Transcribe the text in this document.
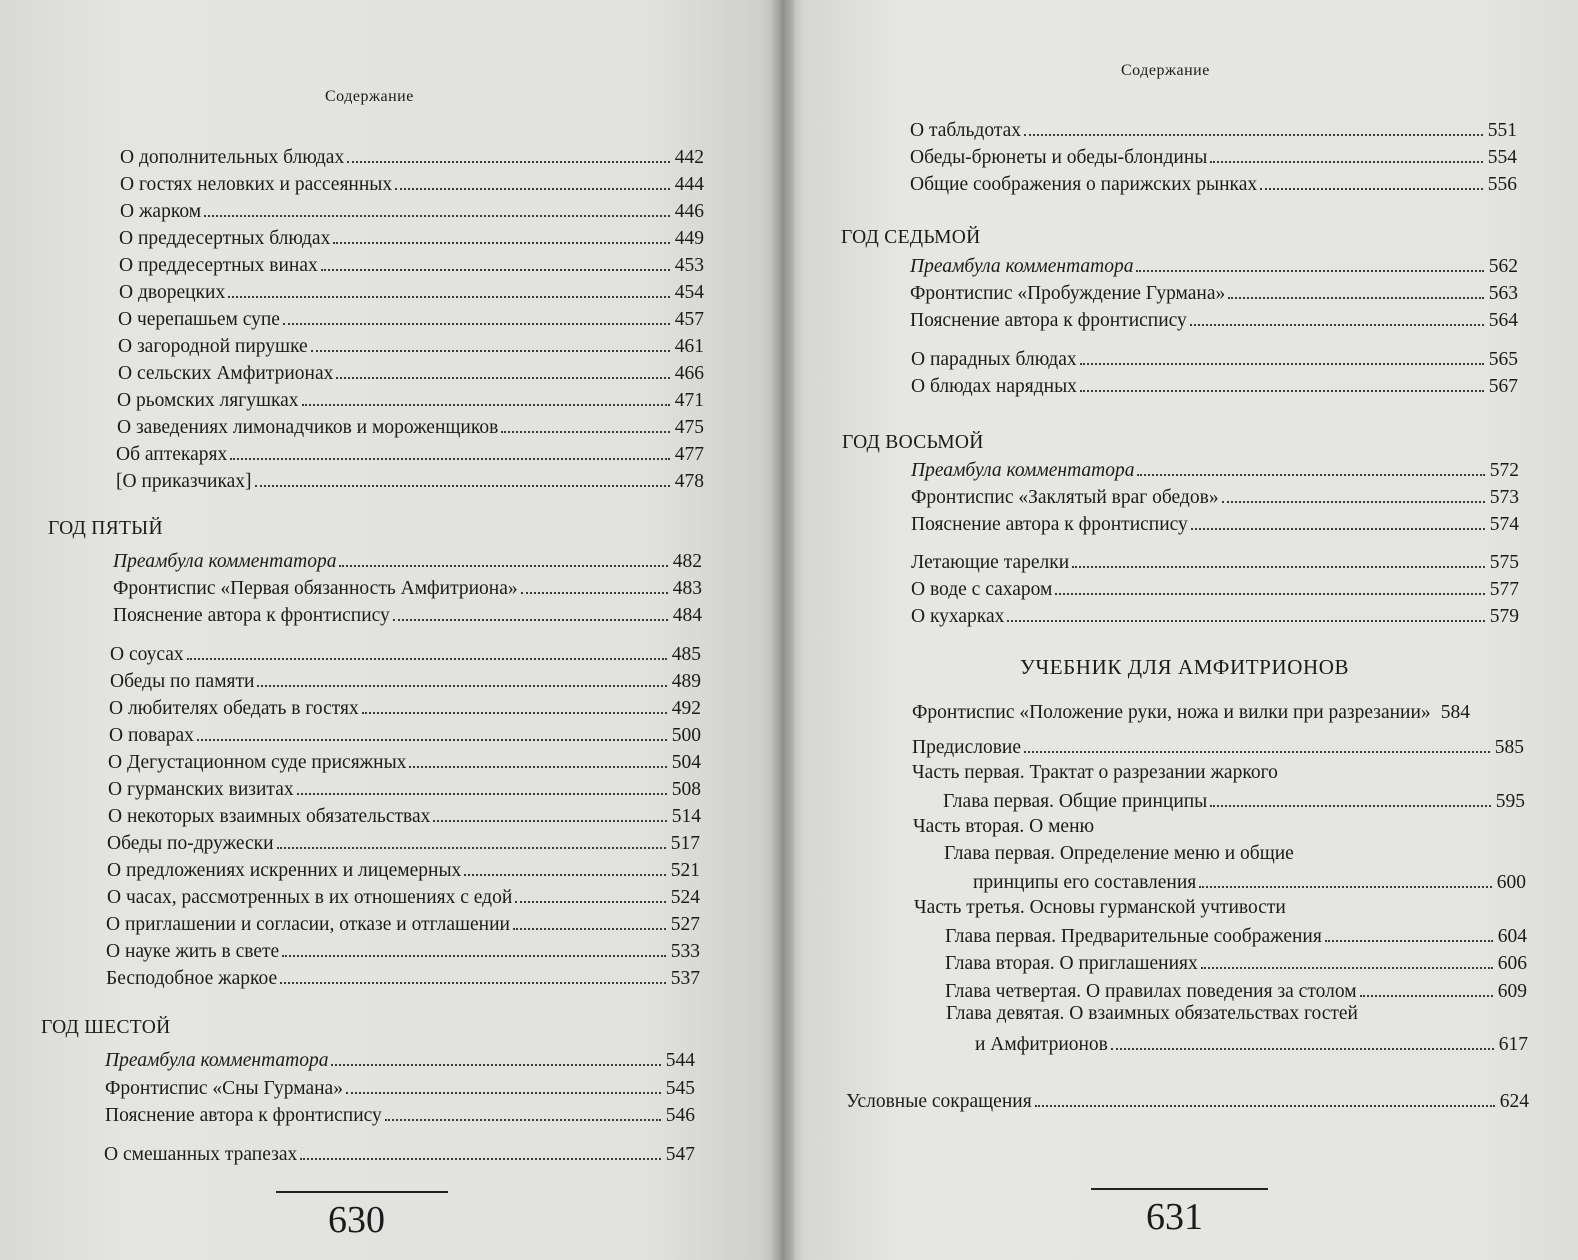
Содержание
О дополнительных блюдах	442
О гостях неловких и рассеянных	444
О жарком	446
О преддесертных блюдах	449
О преддесертных винах	453
О дворецких	454
О черепашьем супе	457
О загородной пирушке	461
О сельских Амфитрионах	466
О рьомских лягушках	471
О заведениях лимонадчиков и мороженщиков	475
Об аптекарях	477
[О приказчиках]	478
ГОД ПЯТЫЙ
Преамбула комментатора	482
Фронтиспис «Первая обязанность Амфитриона»	483
Пояснение автора к фронтиспису	484
О соусах	485
Обеды по памяти	489
О любителях обедать в гостях	492
О поварах	500
О Дегустационном суде присяжных	504
О гурманских визитах	508
О некоторых взаимных обязательствах	514
Обеды по-дружески	517
О предложениях искренних и лицемерных	521
О часах, рассмотренных в их отношениях с едой	524
О приглашении и согласии, отказе и отглашении	527
О науке жить в свете	533
Бесподобное жаркое	537
ГОД ШЕСТОЙ
Преамбула комментатора	544
Фронтиспис «Сны Гурмана»	545
Пояснение автора к фронтиспису	546
О смешанных трапезах	547
630
Содержание
О табльдотах	551
Обеды-брюнеты и обеды-блондины	554
Общие соображения о парижских рынках	556
ГОД СЕДЬМОЙ
Преамбула комментатора	562
Фронтиспис «Пробуждение Гурмана»	563
Пояснение автора к фронтиспису	564
О парадных блюдах	565
О блюдах нарядных	567
ГОД ВОСЬМОЙ
Преамбула комментатора	572
Фронтиспис «Заклятый враг обедов»	573
Пояснение автора к фронтиспису	574
Летающие тарелки	575
О воде с сахаром	577
О кухарках	579
УЧЕБНИК ДЛЯ АМФИТРИОНОВ
Фронтиспис «Положение руки, ножа и вилки при разрезании» 584
Предисловие	585
Часть первая. Трактат о разрезании жаркого
Глава первая. Общие принципы	595
Часть вторая. О меню
Глава первая. Определение меню и общие
принципы его составления	600
Часть третья. Основы гурманской учтивости
Глава первая. Предварительные соображения	604
Глава вторая. О приглашениях	606
Глава четвертая. О правилах поведения за столом	609
Глава девятая. О взаимных обязательствах гостей
и Амфитрионов	617
Условные сокращения	624
631
